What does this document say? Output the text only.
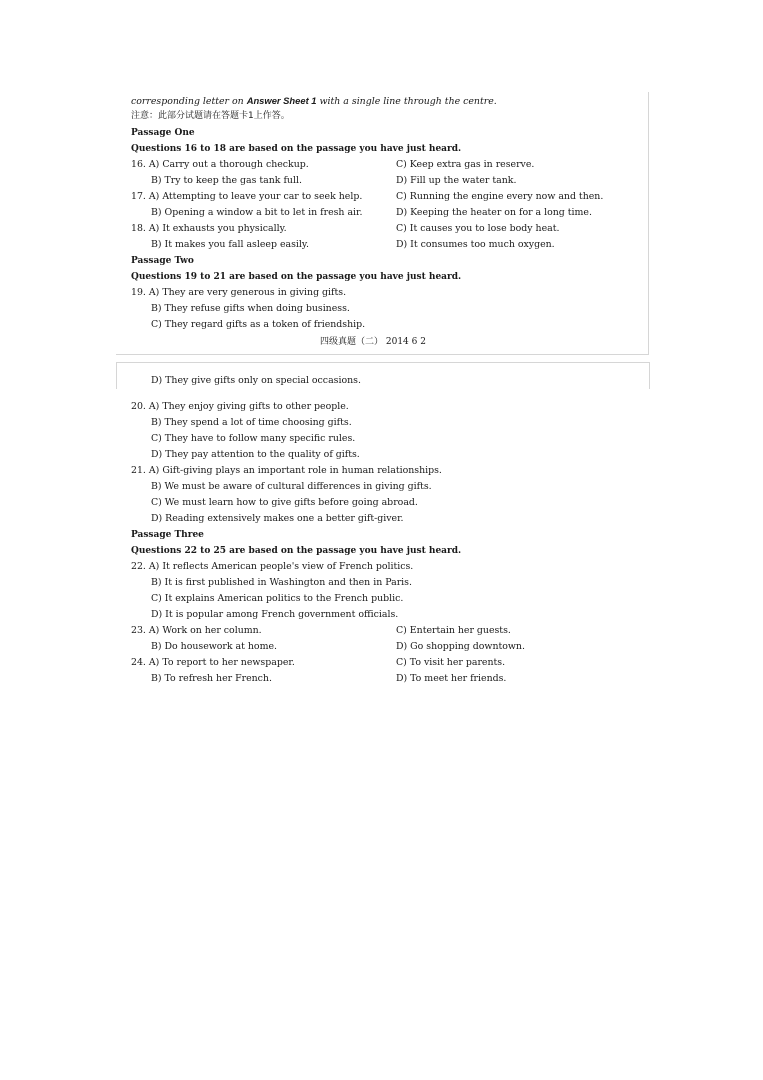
corresponding letter on Answer Sheet 1 with a single line through the centre.
注意：此部分试题请在答题卡1上作答。
Passage One
Questions 16 to 18 are based on the passage you have just heard.
16. A) Carry out a thorough checkup.	C) Keep extra gas in reserve.
B) Try to keep the gas tank full.	D) Fill up the water tank.
17. A) Attempting to leave your car to seek help.	C) Running the engine every now and then.
B) Opening a window a bit to let in fresh air.	D) Keeping the heater on for a long time.
18. A) It exhausts you physically.	C) It causes you to lose body heat.
B) It makes you fall asleep easily.	D) It consumes too much oxygen.
Passage Two
Questions 19 to 21 are based on the passage you have just heard.
19. A) They are very generous in giving gifts.
B) They refuse gifts when doing business.
C) They regard gifts as a token of friendship.
四级真题（二） 2014 6 2
D) They give gifts only on special occasions.
20. A) They enjoy giving gifts to other people.
B) They spend a lot of time choosing gifts.
C) They have to follow many specific rules.
D) They pay attention to the quality of gifts.
21. A) Gift-giving plays an important role in human relationships.
B) We must be aware of cultural differences in giving gifts.
C) We must learn how to give gifts before going abroad.
D) Reading extensively makes one a better gift-giver.
Passage Three
Questions 22 to 25 are based on the passage you have just heard.
22. A) It reflects American people's view of French politics.
B) It is first published in Washington and then in Paris.
C) It explains American politics to the French public.
D) It is popular among French government officials.
23. A) Work on her column.	C) Entertain her guests.
B) Do housework at home.	D) Go shopping downtown.
24. A) To report to her newspaper.	C) To visit her parents.
B) To refresh her French.	D) To meet her friends.
